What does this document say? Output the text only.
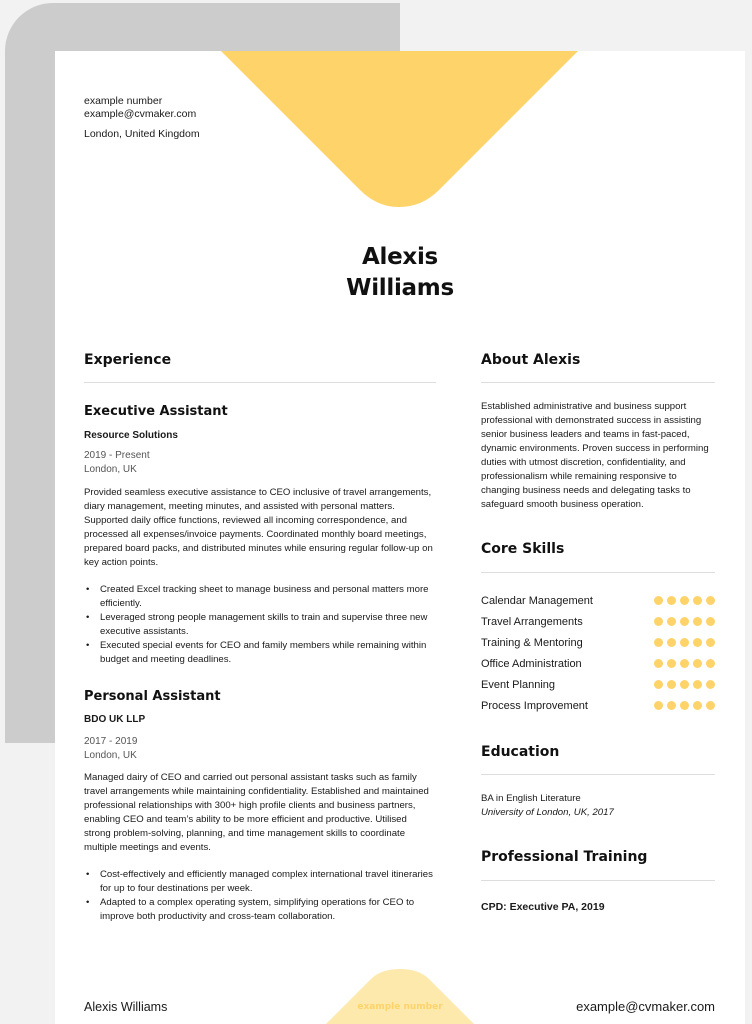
example number
example@cvmaker.com
London, United Kingdom
Alexis
Williams
Experience
Executive Assistant
Resource Solutions
2019 - Present
London, UK
Provided seamless executive assistance to CEO inclusive of travel arrangements, diary management, meeting minutes, and assisted with personal matters. Supported daily office functions, reviewed all incoming correspondence, and processed all expenses/invoice payments. Coordinated monthly board meetings, prepared board packs, and distributed minutes while ensuring regular follow-up on key action points.
• Created Excel tracking sheet to manage business and personal matters more efficiently.
• Leveraged strong people management skills to train and supervise three new executive assistants.
• Executed special events for CEO and family members while remaining within budget and meeting deadlines.
Personal Assistant
BDO UK LLP
2017 - 2019
London, UK
Managed dairy of CEO and carried out personal assistant tasks such as family travel arrangements while maintaining confidentiality. Established and maintained professional relationships with 300+ high profile clients and business partners, enabling CEO and team’s ability to be more efficient and productive. Utilised strong problem-solving, planning, and time management skills to coordinate multiple meetings and events.
• Cost-effectively and efficiently managed complex international travel itineraries for up to four destinations per week.
• Adapted to a complex operating system, simplifying operations for CEO to improve both productivity and cross-team collaboration.
About Alexis
Established administrative and business support professional with demonstrated success in assisting senior business leaders and teams in fast-paced, dynamic environments. Proven success in performing duties with utmost discretion, confidentiality, and professionalism while remaining responsive to changing business needs and delegating tasks to safeguard smooth business operation.
Core Skills
Calendar Management
Travel Arrangements
Training & Mentoring
Office Administration
Event Planning
Process Improvement
Education
BA in English Literature
University of London, UK, 2017
Professional Training
CPD: Executive PA, 2019
Alexis Williams	example number	example@cvmaker.com
